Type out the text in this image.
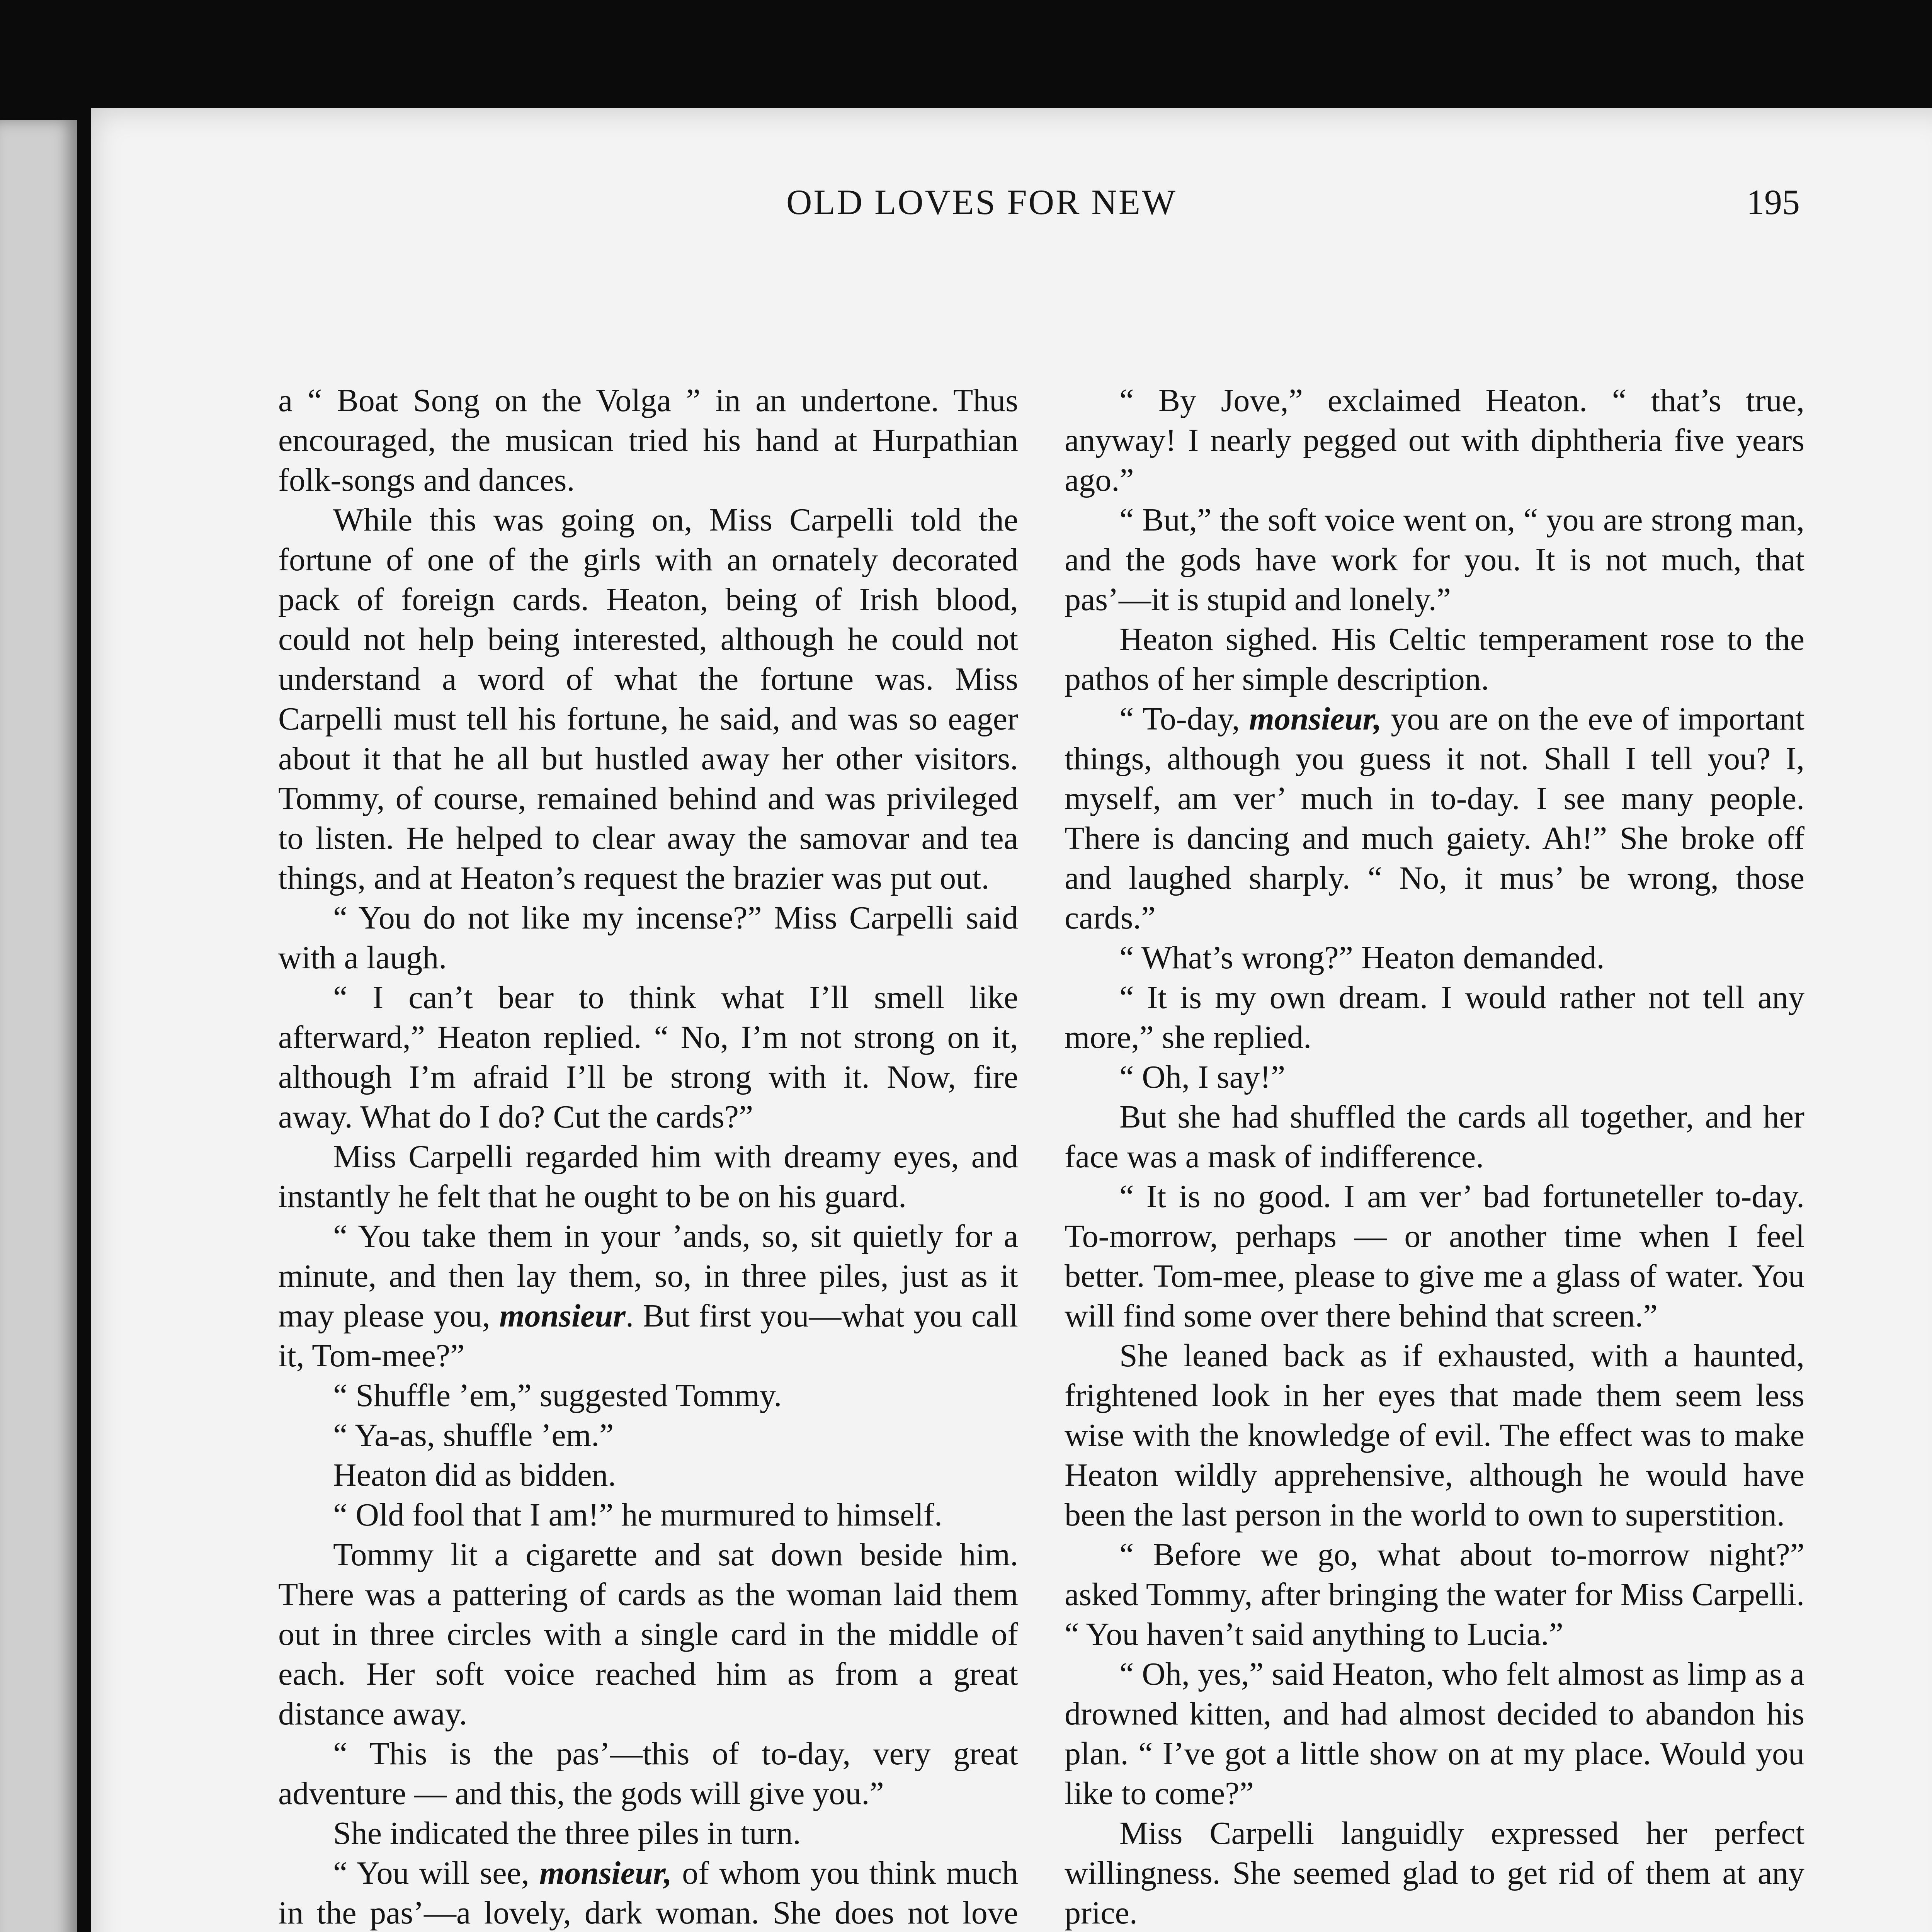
OLD LOVES FOR NEW	195

a “ Boat Song on the Volga ” in an undertone. Thus encouraged, the musican tried his hand at Hurpathian folk-songs and dances.

While this was going on, Miss Carpelli told the fortune of one of the girls with an ornately decorated pack of foreign cards. Heaton, being of Irish blood, could not help being interested, although he could not understand a word of what the fortune was. Miss Carpelli must tell his fortune, he said, and was so eager about it that he all but hustled away her other visitors. Tommy, of course, remained behind and was privileged to listen. He helped to clear away the samovar and tea things, and at Heaton’s request the brazier was put out.

“ You do not like my incense?” Miss Carpelli said with a laugh.

“ I can’t bear to think what I’ll smell like afterward,” Heaton replied. “ No, I’m not strong on it, although I’m afraid I’ll be strong with it. Now, fire away. What do I do? Cut the cards?”

Miss Carpelli regarded him with dreamy eyes, and instantly he felt that he ought to be on his guard.

“ You take them in your ’ands, so, sit quietly for a minute, and then lay them, so, in three piles, just as it may please you, monsieur. But first you—what you call it, Tom-mee?”

“ Shuffle ’em,” suggested Tommy.

“ Ya-as, shuffle ’em.”

Heaton did as bidden.

“ Old fool that I am!” he murmured to himself.

Tommy lit a cigarette and sat down beside him. There was a pattering of cards as the woman laid them out in three circles with a single card in the middle of each. Her soft voice reached him as from a great distance away.

“ This is the pas’—this of to-day, very great adventure — and this, the gods will give you.”

She indicated the three piles in turn.

“ You will see, monsieur, of whom you think much in the pas’—a lovely, dark woman. She does not love

“ By Jove,” exclaimed Heaton. “ that’s true, anyway! I nearly pegged out with diphtheria five years ago.”

“ But,” the soft voice went on, “ you are strong man, and the gods have work for you. It is not much, that pas’—it is stupid and lonely.”

Heaton sighed. His Celtic temperament rose to the pathos of her simple description.

“ To-day, monsieur, you are on the eve of important things, although you guess it not. Shall I tell you? I, myself, am ver’ much in to-day. I see many people. There is dancing and much gaiety. Ah!” She broke off and laughed sharply. “ No, it mus’ be wrong, those cards.”

“ What’s wrong?” Heaton demanded.

“ It is my own dream. I would rather not tell any more,” she replied.

“ Oh, I say!”

But she had shuffled the cards all together, and her face was a mask of indifference.

“ It is no good. I am ver’ bad fortuneteller to-day. To-morrow, perhaps — or another time when I feel better. Tom-mee, please to give me a glass of water. You will find some over there behind that screen.”

She leaned back as if exhausted, with a haunted, frightened look in her eyes that made them seem less wise with the knowledge of evil. The effect was to make Heaton wildly apprehensive, although he would have been the last person in the world to own to superstition.

“ Before we go, what about to-morrow night?” asked Tommy, after bringing the water for Miss Carpelli. “ You haven’t said anything to Lucia.”

“ Oh, yes,” said Heaton, who felt almost as limp as a drowned kitten, and had almost decided to abandon his plan. “ I’ve got a little show on at my place. Would you like to come?”

Miss Carpelli languidly expressed her perfect willingness. She seemed glad to get rid of them at any price.
